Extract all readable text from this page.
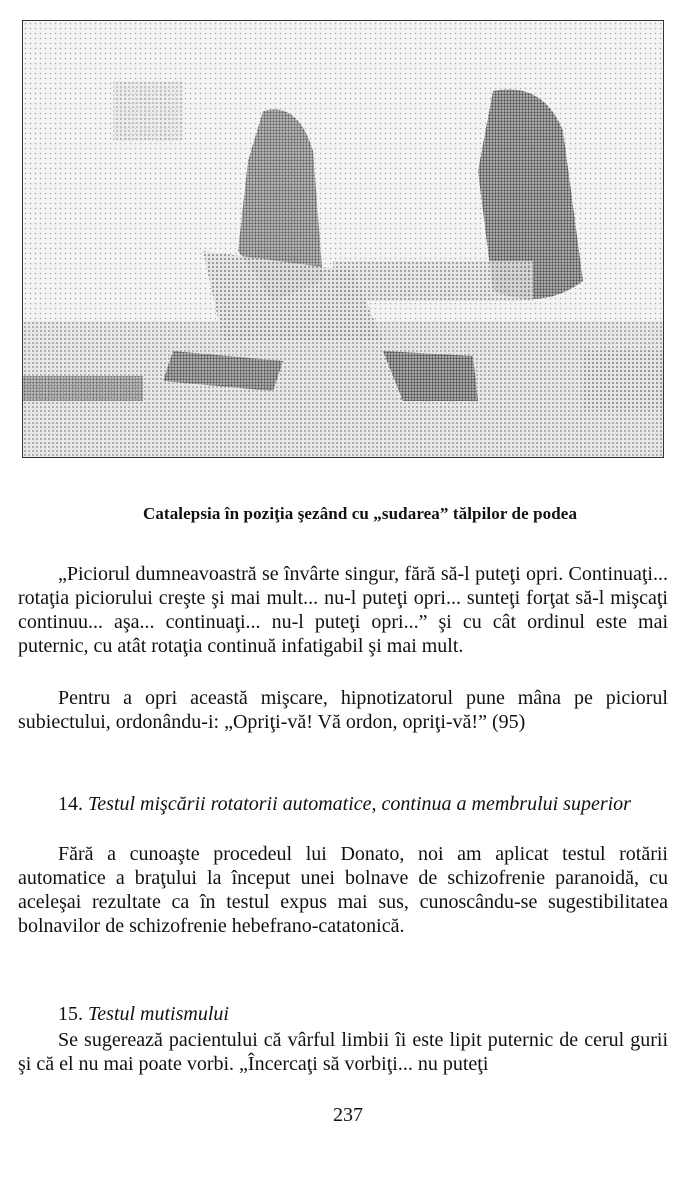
Catalepsia în poziţia şezând cu „sudarea” tălpilor de podea

„Piciorul dumneavoastră se învârte singur, fără să-l puteţi opri. Continuaţi... rotaţia piciorului creşte şi mai mult... nu-l puteţi opri... sunteţi forţat să-l mişcaţi continuu... aşa... continuaţi... nu-l puteţi opri...” şi cu cât ordinul este mai puternic, cu atât rotaţia continuă infatigabil şi mai mult.

Pentru a opri această mişcare, hipnotizatorul pune mâna pe piciorul subiectului, ordonându-i: „Opriţi-vă! Vă ordon, opriţi-vă!” (95)

14. Testul mişcării rotatorii automatice, continua a membrului superior

Fără a cunoaşte procedeul lui Donato, noi am aplicat testul rotării automatice a braţului la început unei bolnave de schizofrenie paranoidă, cu aceleşai rezultate ca în testul expus mai sus, cunoscându-se sugestibilitatea bolnavilor de schizofrenie hebefrano-catatonică.

15. Testul mutismului

Se sugerează pacientului că vârful limbii îi este lipit puternic de cerul gurii şi că el nu mai poate vorbi. „Încercaţi să vorbiţi... nu puteţi

237
